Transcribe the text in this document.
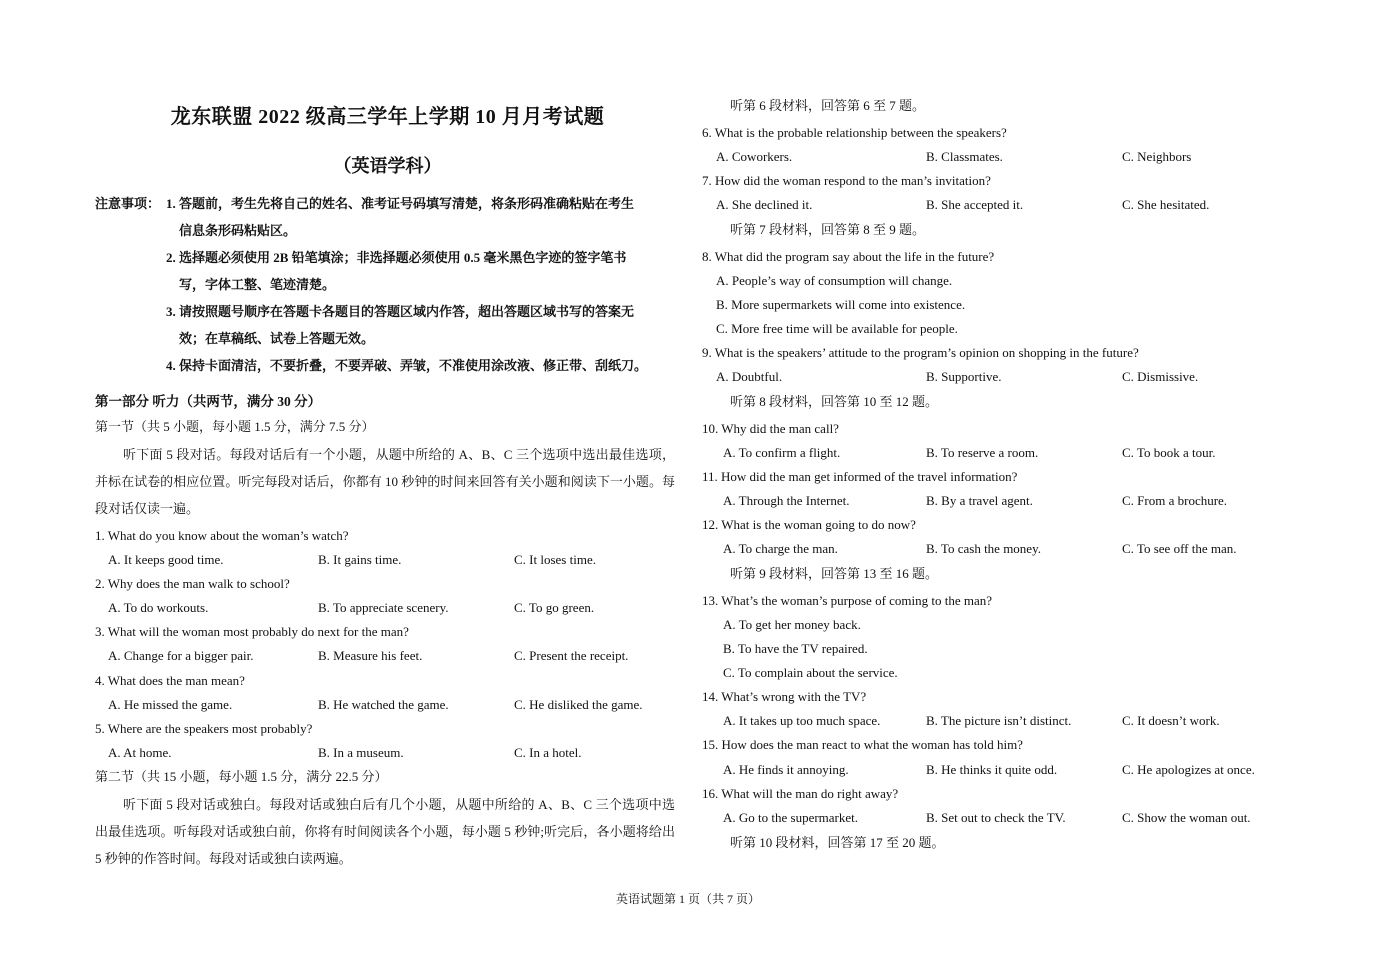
龙东联盟 2022 级高三学年上学期 10 月月考试题
（英语学科）
注意事项： 1. 答题前，考生先将自己的姓名、准考证号码填写清楚，将条形码准确粘贴在考生
信息条形码粘贴区。
2. 选择题必须使用 2B 铅笔填涂；非选择题必须使用 0.5 毫米黑色字迹的签字笔书
写，字体工整、笔迹清楚。
3. 请按照题号顺序在答题卡各题目的答题区域内作答，超出答题区域书写的答案无
效；在草稿纸、试卷上答题无效。
4. 保持卡面清洁，不要折叠，不要弄破、弄皱，不准使用涂改液、修正带、刮纸刀。
第一部分 听力（共两节，满分 30 分）
第一节（共 5 小题，每小题 1.5 分，满分 7.5 分）
听下面 5 段对话。每段对话后有一个小题，从题中所给的 A、B、C 三个选项中选出最佳选项，并标在试卷的相应位置。听完每段对话后，你都有 10 秒钟的时间来回答有关小题和阅读下一小题。每段对话仅读一遍。
1. What do you know about the woman’s watch?
A. It keeps good time.	B. It gains time.	C. It loses time.
2. Why does the man walk to school?
A. To do workouts.	B. To appreciate scenery.	C. To go green.
3. What will the woman most probably do next for the man?
A. Change for a bigger pair.	B. Measure his feet.	C. Present the receipt.
4. What does the man mean?
A. He missed the game.	B. He watched the game.	C. He disliked the game.
5. Where are the speakers most probably?
A. At home.	B. In a museum.	C. In a hotel.
第二节（共 15 小题，每小题 1.5 分，满分 22.5 分）
听下面 5 段对话或独白。每段对话或独白后有几个小题，从题中所给的 A、B、C 三个选项中选出最佳选项。听每段对话或独白前，你将有时间阅读各个小题，每小题 5 秒钟;听完后，各小题将给出 5 秒钟的作答时间。每段对话或独白读两遍。
听第 6 段材料，回答第 6 至 7 题。
6. What is the probable relationship between the speakers?
A. Coworkers.	B. Classmates.	C. Neighbors
7. How did the woman respond to the man’s invitation?
A. She declined it.	B. She accepted it.	C. She hesitated.
听第 7 段材料，回答第 8 至 9 题。
8. What did the program say about the life in the future?
A. People’s way of consumption will change.
B. More supermarkets will come into existence.
C. More free time will be available for people.
9. What is the speakers’ attitude to the program’s opinion on shopping in the future?
A. Doubtful.	B. Supportive.	C. Dismissive.
听第 8 段材料，回答第 10 至 12 题。
10. Why did the man call?
A. To confirm a flight.	B. To reserve a room.	C. To book a tour.
11. How did the man get informed of the travel information?
A. Through the Internet.	B. By a travel agent.	C. From a brochure.
12. What is the woman going to do now?
A. To charge the man.	B. To cash the money.	C. To see off the man.
听第 9 段材料，回答第 13 至 16 题。
13. What’s the woman’s purpose of coming to the man?
A. To get her money back.
B. To have the TV repaired.
C. To complain about the service.
14. What’s wrong with the TV?
A. It takes up too much space.	B. The picture isn’t distinct.	C. It doesn’t work.
15. How does the man react to what the woman has told him?
A. He finds it annoying.	B. He thinks it quite odd.	C. He apologizes at once.
16. What will the man do right away?
A. Go to the supermarket.	B. Set out to check the TV.	C. Show the woman out.
听第 10 段材料，回答第 17 至 20 题。
英语试题第 1 页（共 7 页）
